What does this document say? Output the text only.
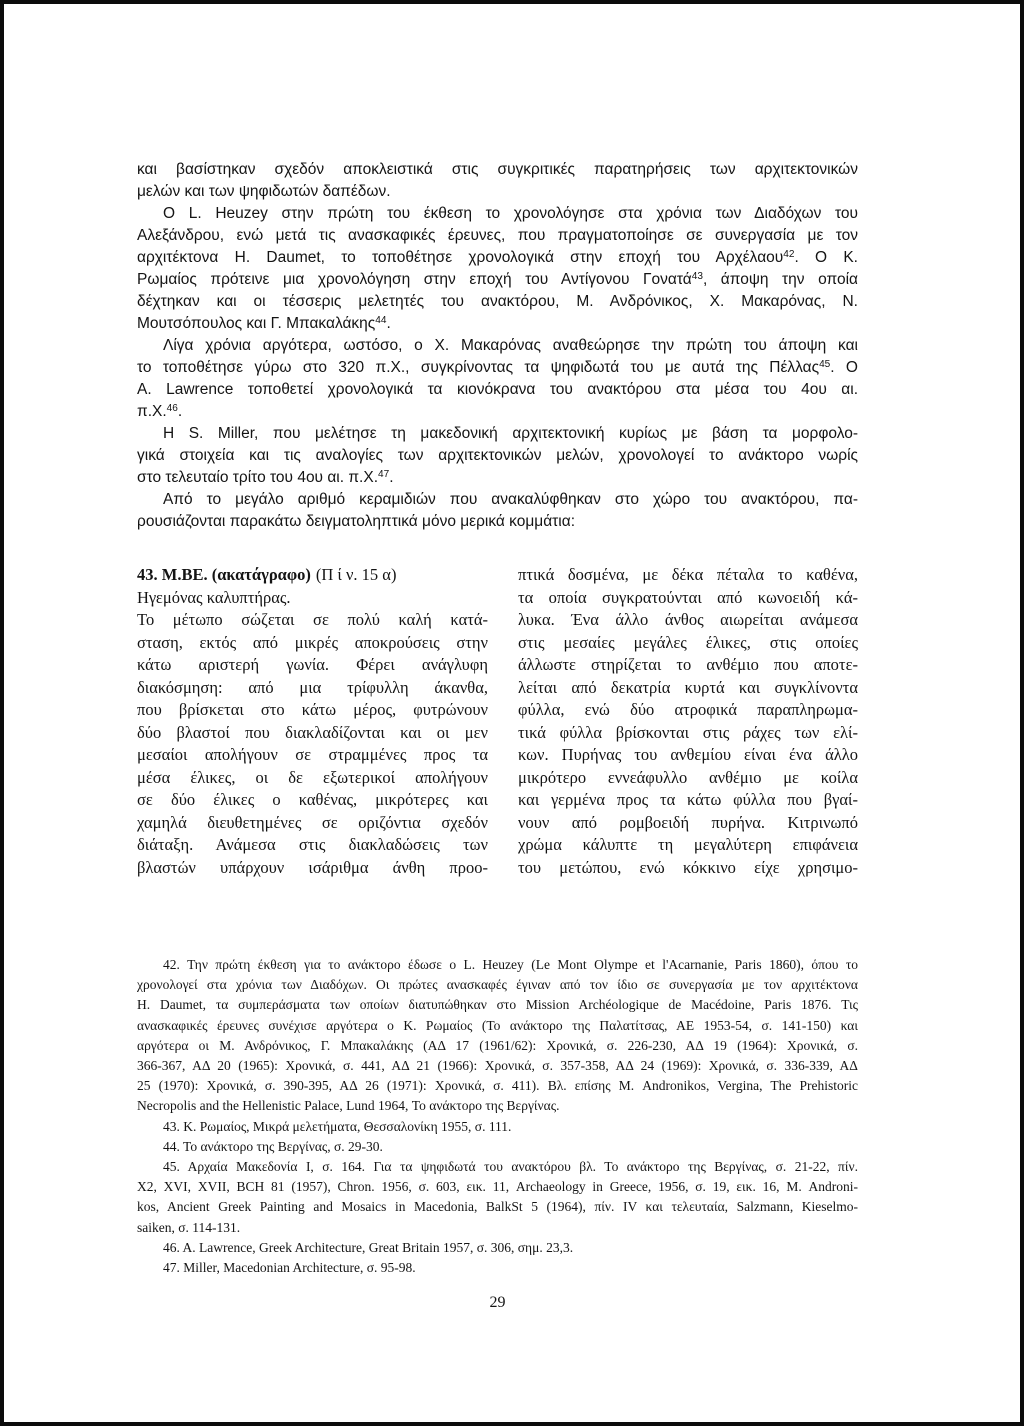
και βασίστηκαν σχεδόν αποκλειστικά στις συγκριτικές παρατηρήσεις των αρχιτεκτονικών
μελών και των ψηφιδωτών δαπέδων.
Ο L. Heuzey στην πρώτη του έκθεση το χρονολόγησε στα χρόνια των Διαδόχων του
Αλεξάνδρου, ενώ μετά τις ανασκαφικές έρευνες, που πραγματοποίησε σε συνεργασία με τον
αρχιτέκτονα H. Daumet, το τοποθέτησε χρονολογικά στην εποχή του Αρχέλαου$^{42}$. Ο Κ.
Ρωμαίος πρότεινε μια χρονολόγηση στην εποχή του Αντίγονου Γονατά$^{43}$, άποψη την οποία
δέχτηκαν και οι τέσσερις μελετητές του ανακτόρου, Μ. Ανδρόνικος, Χ. Μακαρόνας, Ν.
Μουτσόπουλος και Γ. Μπακαλάκης$^{44}$.
Λίγα χρόνια αργότερα, ωστόσο, ο Χ. Μακαρόνας αναθεώρησε την πρώτη του άποψη και
το τοποθέτησε γύρω στο 320 π.Χ., συγκρίνοντας τα ψηφιδωτά του με αυτά της Πέλλας$^{45}$. Ο
A. Lawrence τοποθετεί χρονολογικά τα κιονόκρανα του ανακτόρου στα μέσα του 4ου αι.
π.Χ.$^{46}$.
Η S. Miller, που μελέτησε τη μακεδονική αρχιτεκτονική κυρίως με βάση τα μορφολο-
γικά στοιχεία και τις αναλογίες των αρχιτεκτονικών μελών, χρονολογεί το ανάκτορο νωρίς
στο τελευταίο τρίτο του 4ου αι. π.Χ.$^{47}$.
Από το μεγάλο αριθμό κεραμιδιών που ανακαλύφθηκαν στο χώρο του ανακτόρου, πα-
ρουσιάζονται παρακάτω δειγματοληπτικά μόνο μερικά κομμάτια:
43. Μ.ΒΕ. (ακατάγραφο) (Π ί ν. 15 α)
Ηγεμόνας καλυπτήρας.
Το μέτωπο σώζεται σε πολύ καλή κατά-
σταση, εκτός από μικρές αποκρούσεις στην
κάτω αριστερή γωνία. Φέρει ανάγλυφη
διακόσμηση: από μια τρίφυλλη άκανθα,
που βρίσκεται στο κάτω μέρος, φυτρώνουν
δύο βλαστοί που διακλαδίζονται και οι μεν
μεσαίοι απολήγουν σε στραμμένες προς τα
μέσα έλικες, οι δε εξωτερικοί απολήγουν
σε δύο έλικες ο καθένας, μικρότερες και
χαμηλά διευθετημένες σε οριζόντια σχεδόν
διάταξη. Ανάμεσα στις διακλαδώσεις των
βλαστών υπάρχουν ισάριθμα άνθη προο-
πτικά δοσμένα, με δέκα πέταλα το καθένα,
τα οποία συγκρατούνται από κωνοειδή κά-
λυκα. Ένα άλλο άνθος αιωρείται ανάμεσα
στις μεσαίες μεγάλες έλικες, στις οποίες
άλλωστε στηρίζεται το ανθέμιο που αποτε-
λείται από δεκατρία κυρτά και συγκλίνοντα
φύλλα, ενώ δύο ατροφικά παραπληρωμα-
τικά φύλλα βρίσκονται στις ράχες των ελί-
κων. Πυρήνας του ανθεμίου είναι ένα άλλο
μικρότερο εννεάφυλλο ανθέμιο με κοίλα
και γερμένα προς τα κάτω φύλλα που βγαί-
νουν από ρομβοειδή πυρήνα. Κιτρινωπό
χρώμα κάλυπτε τη μεγαλύτερη επιφάνεια
του μετώπου, ενώ κόκκινο είχε χρησιμο-
42. Την πρώτη έκθεση για το ανάκτορο έδωσε ο L. Heuzey (Le Mont Olympe et l'Acarnanie, Paris 1860), όπου το
χρονολογεί στα χρόνια των Διαδόχων. Οι πρώτες ανασκαφές έγιναν από τον ίδιο σε συνεργασία με τον αρχιτέκτονα
H. Daumet, τα συμπεράσματα των οποίων διατυπώθηκαν στο Mission Archéologique de Macédoine, Paris 1876. Τις
ανασκαφικές έρευνες συνέχισε αργότερα ο Κ. Ρωμαίος (Το ανάκτορο της Παλατίτσας, ΑΕ 1953-54, σ. 141-150) και
αργότερα οι Μ. Ανδρόνικος, Γ. Μπακαλάκης (ΑΔ 17 (1961/62): Χρονικά, σ. 226-230, ΑΔ 19 (1964): Χρονικά, σ.
366-367, ΑΔ 20 (1965): Χρονικά, σ. 441, ΑΔ 21 (1966): Χρονικά, σ. 357-358, ΑΔ 24 (1969): Χρονικά, σ. 336-339, ΑΔ
25 (1970): Χρονικά, σ. 390-395, ΑΔ 26 (1971): Χρονικά, σ. 411). Βλ. επίσης Μ. Andronikos, Vergina, The Prehistoric
Necropolis and the Hellenistic Palace, Lund 1964, Το ανάκτορο της Βεργίνας.
43. Κ. Ρωμαίος, Μικρά μελετήματα, Θεσσαλονίκη 1955, σ. 111.
44. Το ανάκτορο της Βεργίνας, σ. 29-30.
45. Αρχαία Μακεδονία Ι, σ. 164. Για τα ψηφιδωτά του ανακτόρου βλ. Το ανάκτορο της Βεργίνας, σ. 21-22, πίν.
X2, XVI, XVII, BCH 81 (1957), Chron. 1956, σ. 603, εικ. 11, Archaeology in Greece, 1956, σ. 19, εικ. 16, Μ. Androni-
kos, Ancient Greek Painting and Mosaics in Macedonia, BalkSt 5 (1964), πίν. IV και τελευταία, Salzmann, Kieselmo-
saiken, σ. 114-131.
46. A. Lawrence, Greek Architecture, Great Britain 1957, σ. 306, σημ. 23,3.
47. Miller, Macedonian Architecture, σ. 95-98.
29
